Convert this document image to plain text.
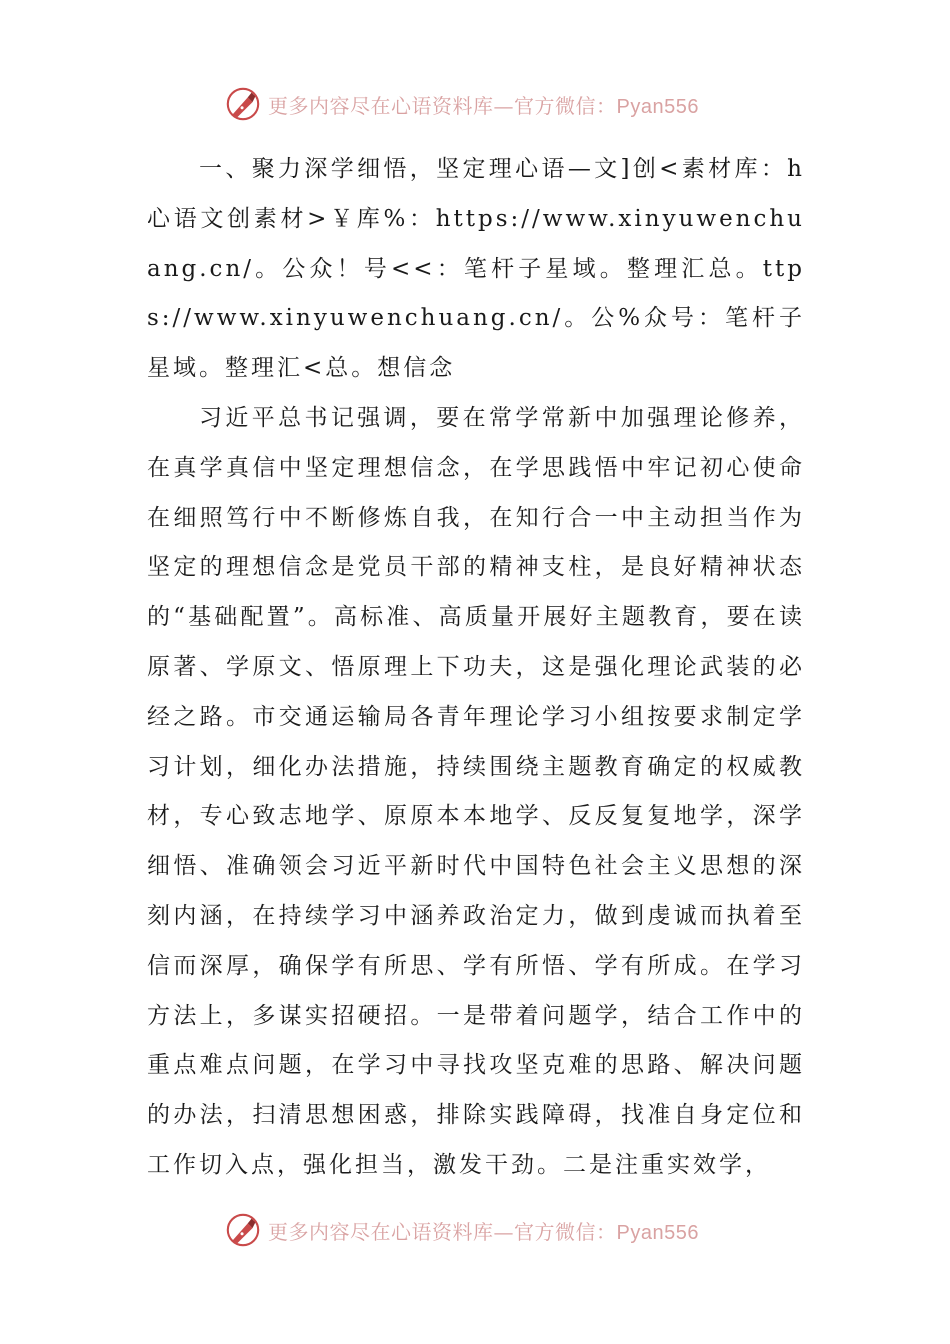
更多内容尽在心语资料库—官方微信：Pyan556

一、聚力深学细悟，坚定理心语—文]创<素材库：h心语文创素材>￥库%：https://www.xinyuwenchuang.cn/。公众！号<<：笔杆子星域。整理汇总。ttps://www.xinyuwenchuang.cn/。公%众号：笔杆子星域。整理汇<总。想信念

习近平总书记强调，要在常学常新中加强理论修养，在真学真信中坚定理想信念，在学思践悟中牢记初心使命在细照笃行中不断修炼自我，在知行合一中主动担当作为坚定的理想信念是党员干部的精神支柱，是良好精神状态的“基础配置”。高标准、高质量开展好主题教育，要在读原著、学原文、悟原理上下功夫，这是强化理论武装的必经之路。市交通运输局各青年理论学习小组按要求制定学习计划，细化办法措施，持续围绕主题教育确定的权威教材，专心致志地学、原原本本地学、反反复复地学，深学细悟、准确领会习近平新时代中国特色社会主义思想的深刻内涵，在持续学习中涵养政治定力，做到虔诚而执着至信而深厚，确保学有所思、学有所悟、学有所成。在学习方法上，多谋实招硬招。一是带着问题学，结合工作中的重点难点问题，在学习中寻找攻坚克难的思路、解决问题的办法，扫清思想困惑，排除实践障碍，找准自身定位和工作切入点，强化担当，激发干劲。二是注重实效学，

更多内容尽在心语资料库—官方微信：Pyan556
